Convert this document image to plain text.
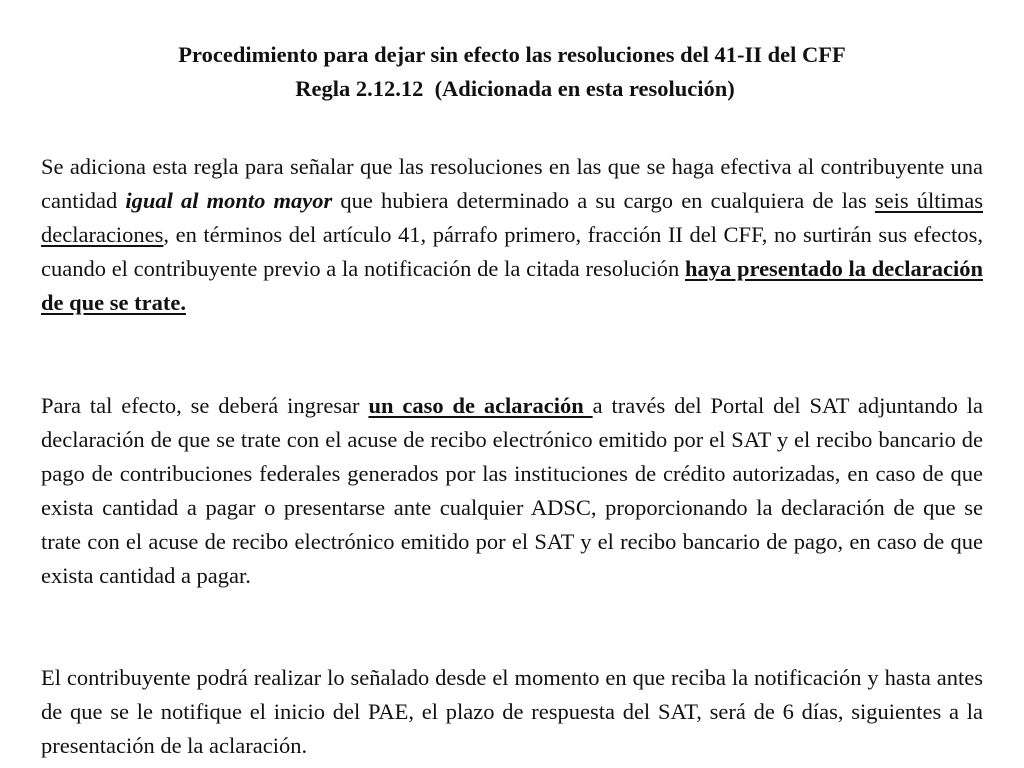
Procedimiento para dejar sin efecto las resoluciones del 41-II del CFF
Regla 2.12.12  (Adicionada en esta resolución)

Se adiciona esta regla para señalar que las resoluciones en las que se haga efectiva al contribuyente una cantidad igual al monto mayor que hubiera determinado a su cargo en cualquiera de las seis últimas declaraciones, en términos del artículo 41, párrafo primero, fracción II del CFF, no surtirán sus efectos, cuando el contribuyente previo a la notificación de la citada resolución haya presentado la declaración de que se trate.

Para tal efecto, se deberá ingresar un caso de aclaración a través del Portal del SAT adjuntando la declaración de que se trate con el acuse de recibo electrónico emitido por el SAT y el recibo bancario de pago de contribuciones federales generados por las instituciones de crédito autorizadas, en caso de que exista cantidad a pagar o presentarse ante cualquier ADSC, proporcionando la declaración de que se trate con el acuse de recibo electrónico emitido por el SAT y el recibo bancario de pago, en caso de que exista cantidad a pagar.

El contribuyente podrá realizar lo señalado desde el momento en que reciba la notificación y hasta antes de que se le notifique el inicio del PAE, el plazo de respuesta del SAT, será de 6 días, siguientes a la presentación de la aclaración.
